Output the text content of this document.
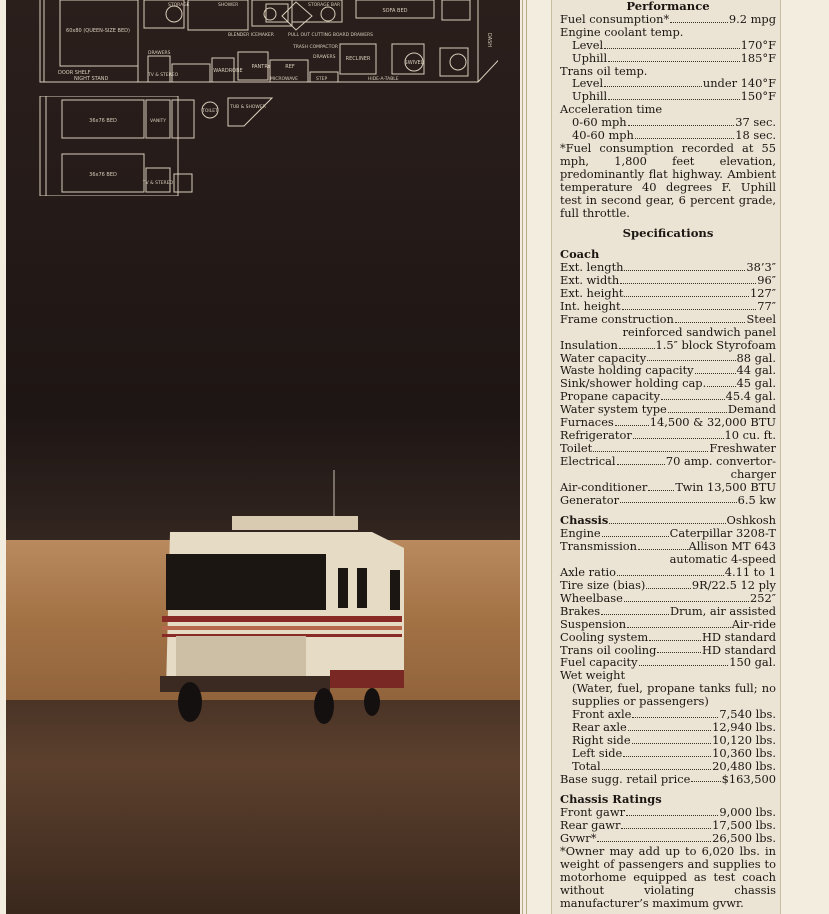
60x80 (QUEEN-SIZE BED)
SOFA BED
WARDROBE
PANTRY	REF
RECLINER
SWIVEL
DASH
DOOR SHELF
NIGHT STAND
STORAGE	SHOWER	STORAGE BAR
BLENDER ICEMAKER	PULL OUT CUTTING BOARD DRAWERS
DRAWERS
TV & STEREO
TRASH COMPACTOR
DRAWERS
MICROWAVE	STEP	HIDE-A-TABLE
36x76 BED
36x76 BED
VANITY
TOILET
TUB & SHOWER
TV & STEREO
Performance
Fuel consumption*	9.2 mpg
Engine coolant temp.
Level	170°F
Uphill	185°F
Trans oil temp.
Level	under 140°F
Uphill	150°F
Acceleration time
0-60 mph	37 sec.
40-60 mph	18 sec.
*Fuel consumption recorded at 55 mph, 1,800 feet elevation, predominantly flat highway. Ambient temperature 40 degrees F. Uphill test in second gear, 6 percent grade, full throttle.
Specifications
Coach
Ext. length	38’3″
Ext. width	96″
Ext. height	127″
Int. height	77″
Frame construction	Steel
reinforced sandwich panel
Insulation	1.5″ block Styrofoam
Water capacity	88 gal.
Waste holding capacity	44 gal.
Sink/shower holding cap.	45 gal.
Propane capacity	45.4 gal.
Water system type	Demand
Furnaces	14,500 & 32,000 BTU
Refrigerator	10 cu. ft.
Toilet	Freshwater
Electrical	70 amp. convertor-
charger
Air-conditioner Twin 13,500 BTU
Generator	6.5 kw
Chassis	Oshkosh
Engine	Caterpillar 3208-T
Transmission	Allison MT 643
automatic 4-speed
Axle ratio	4.11 to 1
Tire size (bias)	9R/22.5 12 ply
Wheelbase	252″
Brakes	Drum, air assisted
Suspension	Air-ride
Cooling system	HD standard
Trans oil cooling	HD standard
Fuel capacity	150 gal.
Wet weight
(Water, fuel, propane tanks full; no supplies or passengers)
Front axle	7,540 lbs.
Rear axle	12,940 lbs.
Right side	10,120 lbs.
Left side	10,360 lbs.
Total	20,480 lbs.
Base sugg. retail price	$163,500
Chassis Ratings
Front gawr	9,000 lbs.
Rear gawr	17,500 lbs.
Gvwr*	26,500 lbs.
*Owner may add up to 6,020 lbs. in weight of passengers and supplies to motorhome equipped as test coach without violating chassis manufacturer’s maximum gvwr.
